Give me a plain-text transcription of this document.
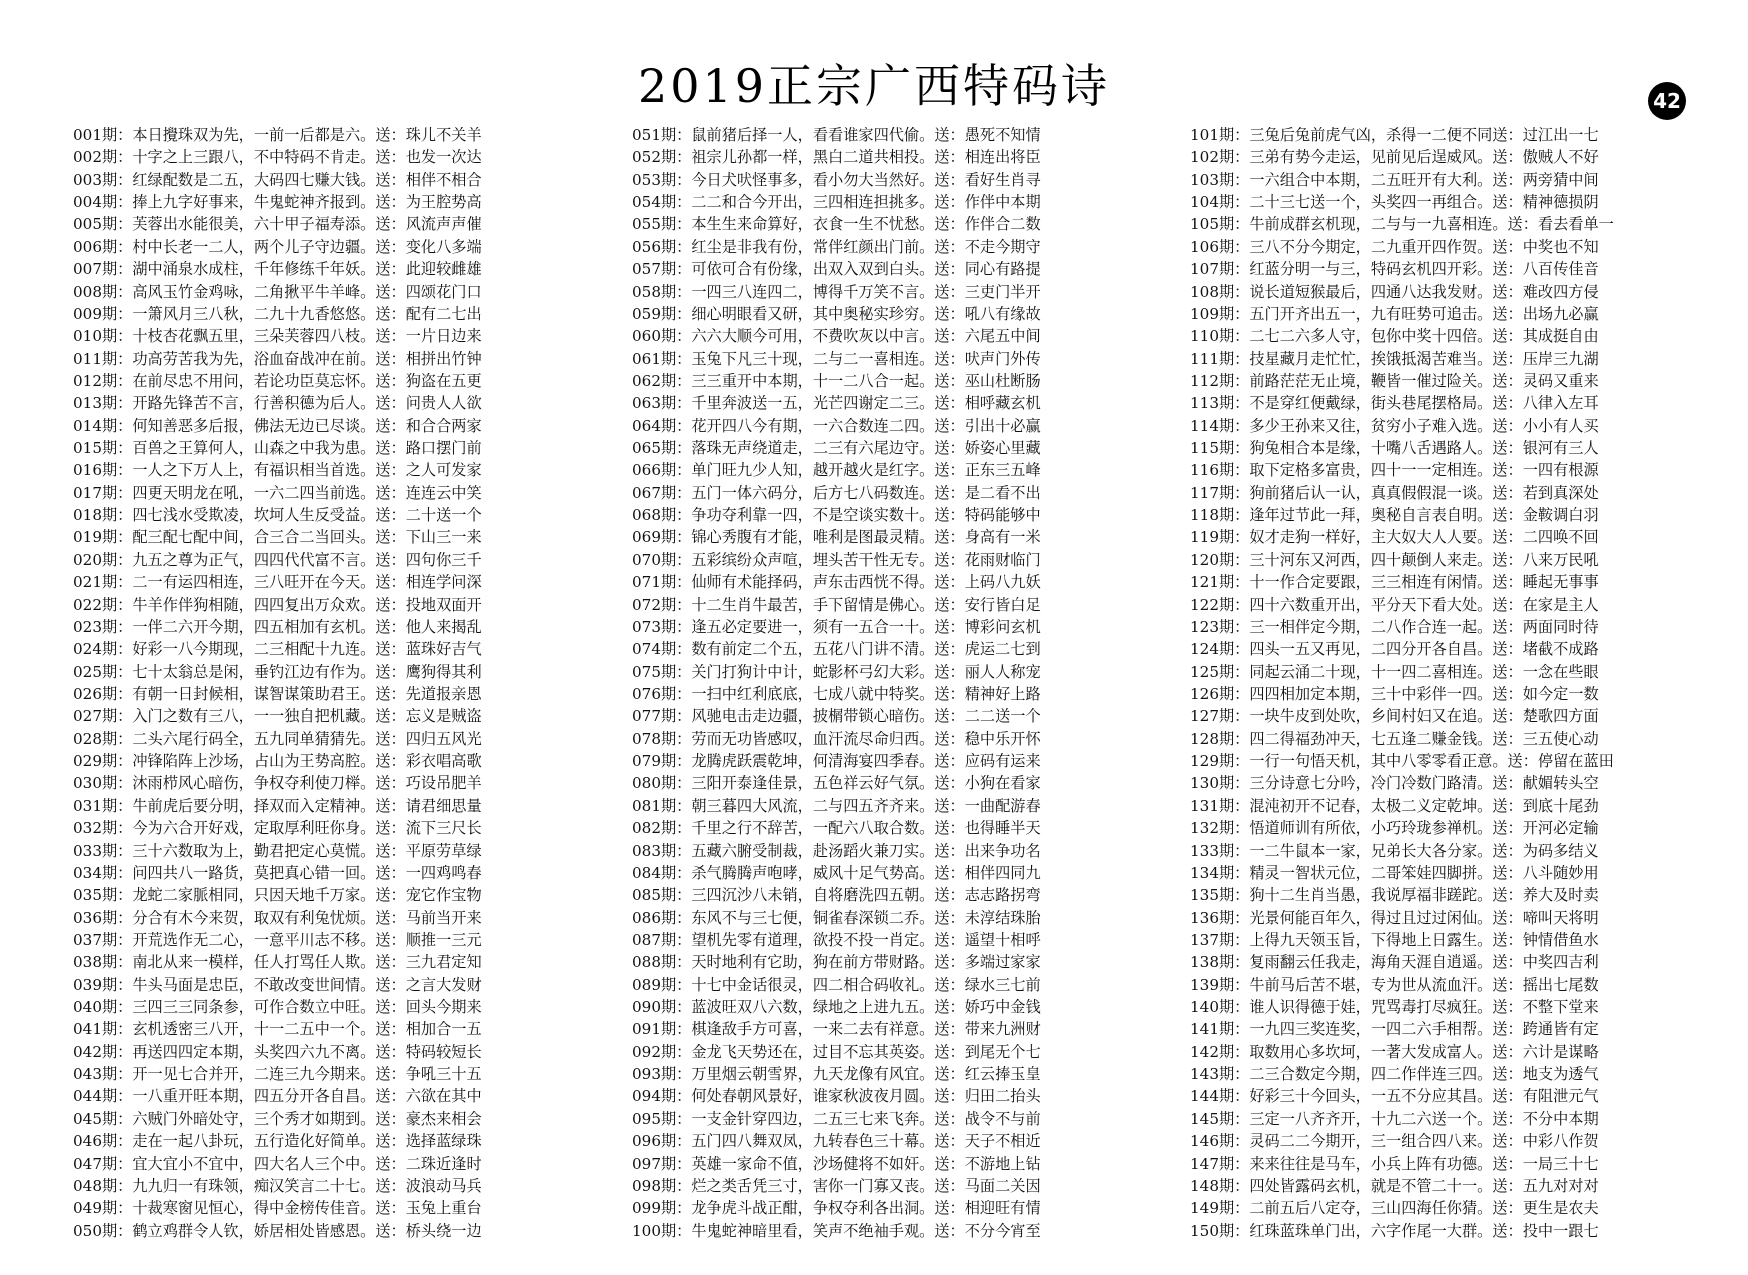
2019正宗广西特码诗	42
001期：本日攪珠双为先，一前一后都是六。送：珠儿不关羊
002期：十字之上三跟八，不中特码不肯走。送：也发一次达
003期：红绿配数是二五，大码四七赚大钱。送：相伴不相合
004期：捧上九字好事来，牛鬼蛇神齐报到。送：为王腔势高
005期：芙蓉出水能很美，六十甲子福寿添。送：风流声声催
006期：村中长老一二人，两个儿子守边疆。送：变化八多端
007期：湖中涌泉水成柱，千年修练千年妖。送：此迎较雌雄
008期：高风玉竹金鸡咏，二角揪平牛羊峰。送：四颂花门口
009期：一箫风月三八秋，二九十九香悠悠。送：配有二七出
010期：十枝杏花飘五里，三朵芙蓉四八枝。送：一片日边来
011期：功高劳苦我为先，浴血奋战冲在前。送：相拼出竹钟
012期：在前尽忠不用问，若论功臣莫忘怀。送：狗盗在五更
013期：开路先锋苦不言，行善积德为后人。送：问贵人人欲
014期：何知善恶多后报，佛法无边已尽谈。送：和合合两家
015期：百兽之王算何人，山森之中我为患。送：路口摆门前
016期：一人之下万人上，有福识相当首选。送：之人可发家
017期：四更天明龙在吼，一六二四当前选。送：连连云中笑
018期：四七浅水受欺凌，坎坷人生反受益。送：二十送一个
019期：配三配七配中间，合三合二当回头。送：下山三一来
020期：九五之尊为正气，四四代代富不言。送：四句你三千
021期：二一有运四相连，三八旺开在今天。送：相连学问深
022期：牛羊作伴狗相随，四四复出万众欢。送：投地双面开
023期：一伴二六开今期，四五相加有玄机。送：他人来揭乱
024期：好彩一八今期现，二三相配十九连。送：蓝珠好吉气
025期：七十太翁总是闲，垂钓江边有作为。送：鹰狗得其利
026期：有朝一日封候相，谋智谋策助君王。送：先道报亲恩
027期：入门之数有三八，一一独自把机藏。送：忘义是贼盗
028期：二头六尾行码全，五九同单猜猜先。送：四归五风光
029期：冲锋陷阵上沙场，占山为王势高腔。送：彩衣唱高歌
030期：沐雨栉风心暗伤，争权夺利使刀榉。送：巧设吊肥羊
031期：牛前虎后要分明，择双而入定精神。送：请君细思量
032期：今为六合开好戏，定取厚利旺你身。送：流下三尺长
033期：三十六数取为上，勤君把定心莫慌。送：平原劳草绿
034期：问四共八一路货，莫把真心错一回。送：一四鸡鸣春
035期：龙蛇二家脈相同，只因天地千万家。送：宠它作宝物
036期：分合有木今来贺，取双有利兔忧烦。送：马前当开来
037期：开荒选作无二心，一意平川志不移。送：顺推一三元
038期：南北从来一模样，任人打骂任人欺。送：三九君定知
039期：牛头马面是忠臣，不敢改变世间情。送：之言大发财
040期：三四三三同条参，可作合数立中旺。送：回头今期来
041期：玄机透密三八开，十一二五中一个。送：相加合一五
042期：再送四四定本期，头奖四六九不离。送：特码较短长
043期：开一见七合并开，二连三九今期来。送：争吼三十五
044期：一八重开旺本期，四五分开各自昌。送：六欲在其中
045期：六贼门外暗处守，三个秀才如期到。送：豪杰来相会
046期：走在一起八卦玩，五行造化好简单。送：选择蓝绿珠
047期：宜大宜小不宜中，四大名人三个中。送：二珠近逢时
048期：九九归一有珠领，痴汉笑言二十七。送：波浪动马兵
049期：十裁寒窗见恒心，得中金榜传佳音。送：玉兔上重台
050期：鹤立鸡群令人钦，娇居相处皆感恩。送：桥头绕一边
051期：鼠前猪后择一人，看看谁家四代偷。送：愚死不知情
052期：祖宗儿孙都一样，黑白二道共相投。送：相连出将臣
053期：今日犬吠怪事多，看小勿大当然好。送：看好生肖寻
054期：二二和合今开出，三四相连担挑多。送：作伴中本期
055期：本生生来命算好，衣食一生不忧愁。送：作伴合二数
056期：红尘是非我有份，常伴红颜出门前。送：不走今期守
057期：可依可合有份缘，出双入双到白头。送：同心有路提
058期：一四三八连四二，博得千万笑不言。送：三吏门半开
059期：细心明眼看又研，其中奥秘实珍穷。送：吼八有缘故
060期：六六大顺今可用，不费吹灰以中言。送：六尾五中间
061期：玉兔下凡三十现，二与二一喜相连。送：吠声门外传
062期：三三重开中本期，十一二八合一起。送：巫山杜断肠
063期：千里奔波送一五，光芒四谢定二三。送：相呼藏玄机
064期：花开四八今有期，一六合数连二四。送：引出十必赢
065期：落珠无声绕道走，二三有六尾边守。送：娇姿心里藏
066期：单门旺九少人知，越开越火是红字。送：正东三五峰
067期：五门一体六码分，后方七八码数连。送：是二看不出
068期：争功夺利靠一四，不是空谈实数十。送：特码能够中
069期：锦心秀腹有才能，唯利是图最灵精。送：身高有一米
070期：五彩缤纷众声喧，埋头苦干性无专。送：花雨财临门
071期：仙师有术能择码，声东击西恍不得。送：上码八九妖
072期：十二生肖牛最苦，手下留情是佛心。送：安行皆白足
073期：逢五必定要进一，须有一五合一十。送：博彩问玄机
074期：数有前定二个五，五花八门讲不清。送：虎运二七到
075期：关门打狗计中计，蛇影杯弓幻大彩。送：丽人人称宠
076期：一扫中红利底底，七成八就中特奖。送：精神好上路
077期：风驰电击走边疆，披榍带锁心暗伤。送：二二送一个
078期：劳而无功皆感叹，血汗流尽命归西。送：稳中乐开怀
079期：龙腾虎跃震乾坤，何清海宴四季春。送：应码有运来
080期：三阳开泰逢佳景，五色祥云好气氛。送：小狗在看家
081期：朝三暮四大风流，二与四五齐齐来。送：一曲配游春
082期：千里之行不辞苦，一配六八取合数。送：也得睡半天
083期：五藏六腑受制裁，赴汤蹈火兼刀实。送：出来争功名
084期：杀气腾腾声咆哮，威风十足气势高。送：相伴四同九
085期：三四沉沙八未销，自将磨洗四五朝。送：志志路拐弯
086期：东风不与三七便，铜雀春深锁二乔。送：未淳结珠胎
087期：望机先零有道理，欲投不投一肖定。送：遥望十相呼
088期：天时地利有它助，狗在前方带财路。送：多端过家家
089期：十七中金话很灵，四二相合码收礼。送：绿水三七前
090期：蓝波旺双八六数，绿地之上进九五。送：娇巧中金钱
091期：棋逢敌手方可喜，一来二去有祥意。送：带来九洲财
092期：金龙飞天势还在，过目不忘其英姿。送：到尾无个七
093期：万里烟云朝雪界，九天龙像有风宜。送：红云捧玉皇
094期：何处春朝风景好，谁家秋波夜月圆。送：归田二抬头
095期：一支金针穿四边，二五三七来飞奔。送：战令不与前
096期：五门四八舞双凤，九转春色三十幕。送：天子不相近
097期：英雄一家命不值，沙场健将不如奸。送：不游地上钻
098期：烂之类舌凭三寸，害你一门寡又丧。送：马面二关因
099期：龙争虎斗战正酣，争权夺利各出洞。送：相迎旺有情
100期：牛鬼蛇神暗里看，笑声不绝袖手观。送：不分今宵至
101期：三兔后兔前虎气凶，杀得一二便不同送：过江出一七
102期：三弟有势今走运，见前见后逞威风。送：傲贼人不好
103期：一六组合中本期，二五旺开有大利。送：两旁猜中间
104期：二十三七送一个，头奖四一再组合。送：精神德损阴
105期：牛前成群玄机现，二与与一九喜相连。送：看去看单一
106期：三八不分今期定，二九重开四作贺。送：中奖也不知
107期：红蓝分明一与三，特码玄机四开彩。送：八百传佳音
108期：说长道短猴最后，四通八达我发财。送：难改四方侵
109期：五门开齐出五一，九有旺势可追击。送：出场九必赢
110期：二七二六多人守，包你中奖十四倍。送：其成挺自由
111期：技星藏月走忙忙，挨饿抵渴苦难当。送：压岸三九湖
112期：前路茫茫无止境，鞭皆一催过险关。送：灵码又重来
113期：不是穿红便戴绿，街头巷尾摆格局。送：八律入左耳
114期：多少王孙来又往，贫穷小子难入选。送：小小有人买
115期：狗兔相合本是缘，十嘴八舌遇路人。送：银河有三人
116期：取下定格多富贵，四十一一定相连。送：一四有根源
117期：狗前猪后认一认，真真假假混一谈。送：若到真深处
118期：逢年过节此一拜，奥秘自言表自明。送：金鞍调白羽
119期：奴才走狗一样好，主大奴大人人要。送：二四唤不回
120期：三十河东又河西，四十颠倒人来走。送：八来万民吼
121期：十一作合定要跟，三三相连有闲情。送：睡起无事事
122期：四十六数重开出，平分天下看大处。送：在家是主人
123期：三一相伴定今期，二八作合连一起。送：两面同时待
124期：四头一五又再见，二四分开各自昌。送：堵截不成路
125期：同起云涌二十现，十一四二喜相连。送：一念在些眼
126期：四四相加定本期，三十中彩伴一四。送：如今定一数
127期：一块牛皮到处吹，乡间村妇又在追。送：楚歌四方面
128期：四二得福劲冲天，七五逢二赚金钱。送：三五使心动
129期：一行一句悟天机，其中八零零看正意。送：停留在蓝田
130期：三分诗意七分吟，冷门冷数门路清。送：献媚转头空
131期：混沌初开不记春，太极二义定乾坤。送：到底十尾劲
132期：悟道师训有所依，小巧玲珑参禅机。送：开河必定输
133期：一二牛鼠本一家，兄弟长大各分家。送：为码多结义
134期：精灵一智状元位，二哥笨娃四脚拼。送：八斗随妙用
135期：狗十二生肖当愚，我说厚福非蹉跎。送：养大及时卖
136期：光景何能百年久，得过且过过闲仙。送：啼叫天将明
137期：上得九天领玉旨，下得地上日露生。送：钟情借鱼水
138期：复雨翻云任我走，海角天涯自逍遥。送：中奖四吉利
139期：牛前马后苦不堪，专为世从流血汗。送：摇出七尾数
140期：谁人识得德于娃，咒骂毒打尽疯狂。送：不整下堂来
141期：一九四三奖连奖，一四二六手相帮。送：跨通皆有定
142期：取数用心多坎坷，一著大发成富人。送：六计是谋略
143期：二三合数定今期，四二作伴连三四。送：地支为透气
144期：好彩三十今回头，一五不分应其昌。送：有阻泄元气
145期：三定一八齐齐开，十九二六送一个。送：不分中本期
146期：灵码二二今期开，三一组合四八来。送：中彩八作贺
147期：来来往往是马车，小兵上阵有功德。送：一局三十七
148期：四处皆露码玄机，就是不管二十一。送：五九对对对
149期：二前五后八定夺，三山四海任你猜。送：更生是农夫
150期：红珠蓝珠单门出，六字作尾一大群。送：投中一跟七
